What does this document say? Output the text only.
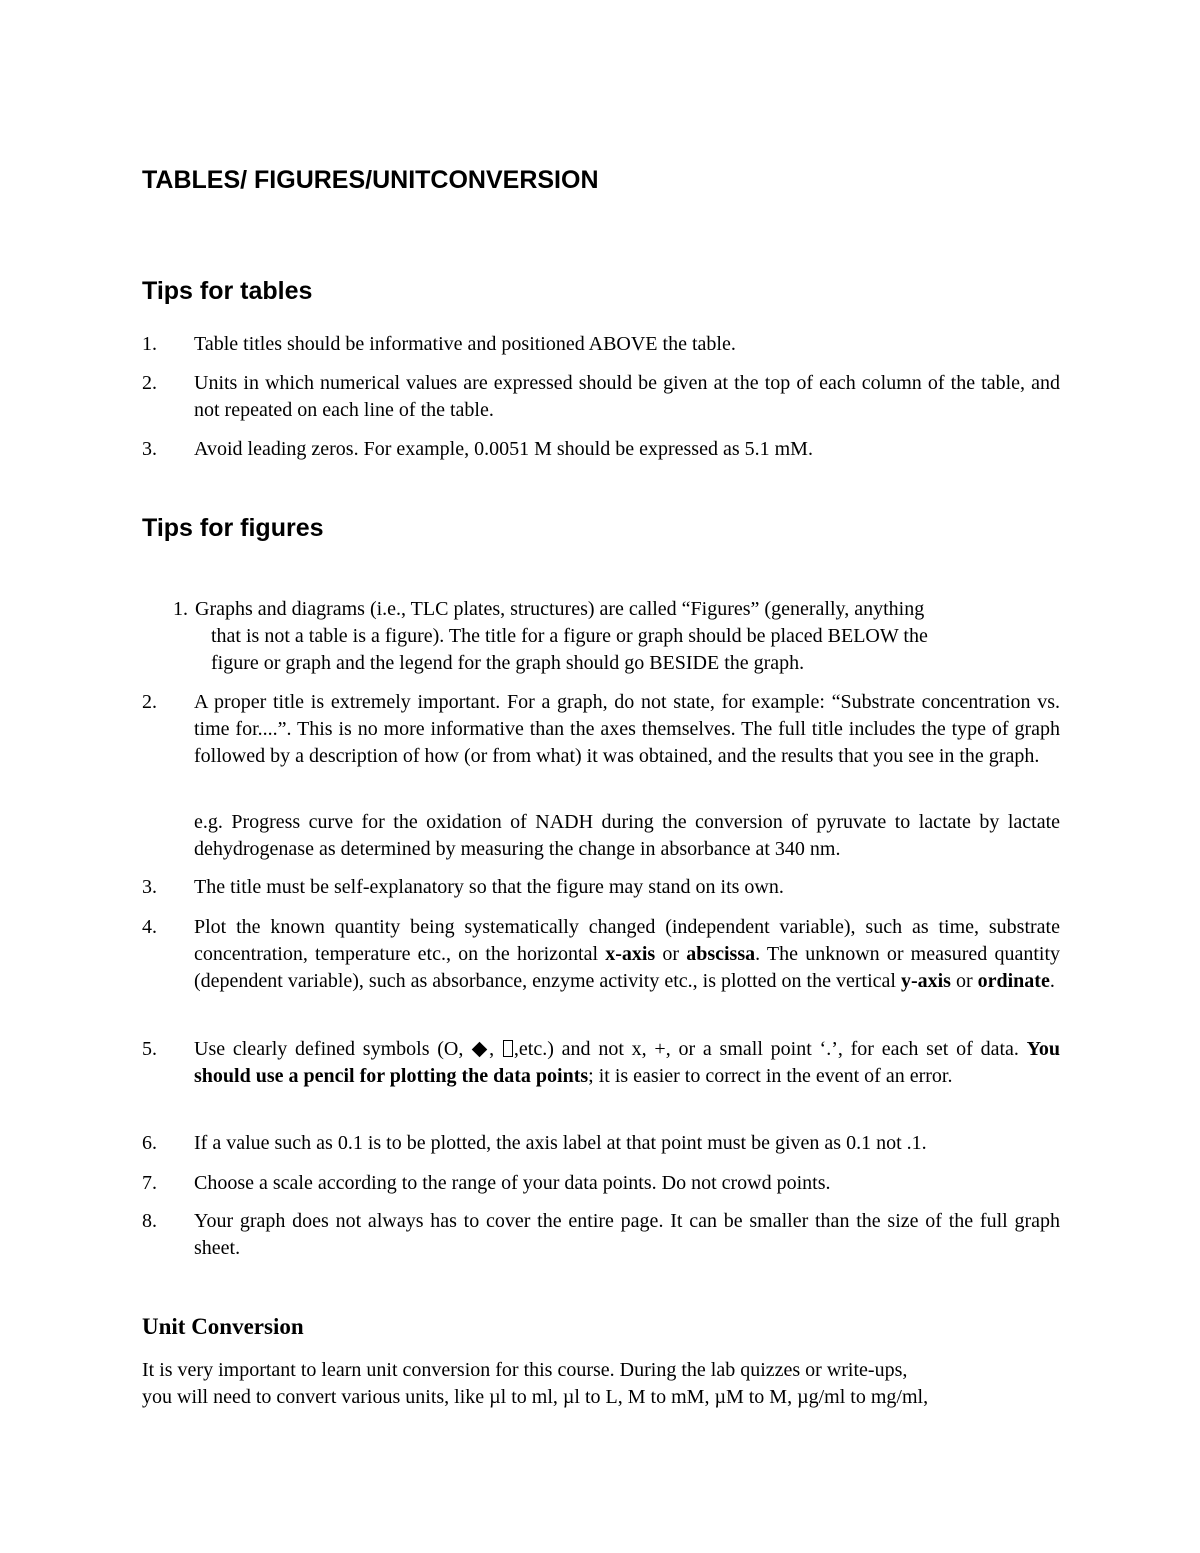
TABLES/ FIGURES/UNITCONVERSION
Tips for tables
1. Table titles should be informative and positioned ABOVE the table.
2. Units in which numerical values are expressed should be given at the top of each column of the table, and not repeated on each line of the table.
3. Avoid leading zeros. For example, 0.0051 M should be expressed as 5.1 mM.
Tips for figures
1. Graphs and diagrams (i.e., TLC plates, structures) are called “Figures” (generally, anything
that is not a table is a figure). The title for a figure or graph should be placed BELOW the
figure or graph and the legend for the graph should go BESIDE the graph.
2. A proper title is extremely important. For a graph, do not state, for example: “Substrate concentration vs. time for....”. This is no more informative than the axes themselves. The full title includes the type of graph followed by a description of how (or from what) it was obtained, and the results that you see in the graph.
e.g. Progress curve for the oxidation of NADH during the conversion of pyruvate to lactate by lactate dehydrogenase as determined by measuring the change in absorbance at 340 nm.
3. The title must be self-explanatory so that the figure may stand on its own.
4. Plot the known quantity being systematically changed (independent variable), such as time, substrate concentration, temperature etc., on the horizontal x-axis or abscissa. The unknown or measured quantity (dependent variable), such as absorbance, enzyme activity etc., is plotted on the vertical y-axis or ordinate.
5. Use clearly defined symbols (O, , ,etc.) and not x, +, or a small point ‘.’, for each set of data. You should use a pencil for plotting the data points; it is easier to correct in the event of an error.
6. If a value such as 0.1 is to be plotted, the axis label at that point must be given as 0.1 not .1.
7. Choose a scale according to the range of your data points. Do not crowd points.
8. Your graph does not always has to cover the entire page. It can be smaller than the size of the full graph sheet.
Unit Conversion
It is very important to learn unit conversion for this course. During the lab quizzes or write-ups,
you will need to convert various units, like µl to ml, µl to L, M to mM, µM to M, µg/ml to mg/ml,
